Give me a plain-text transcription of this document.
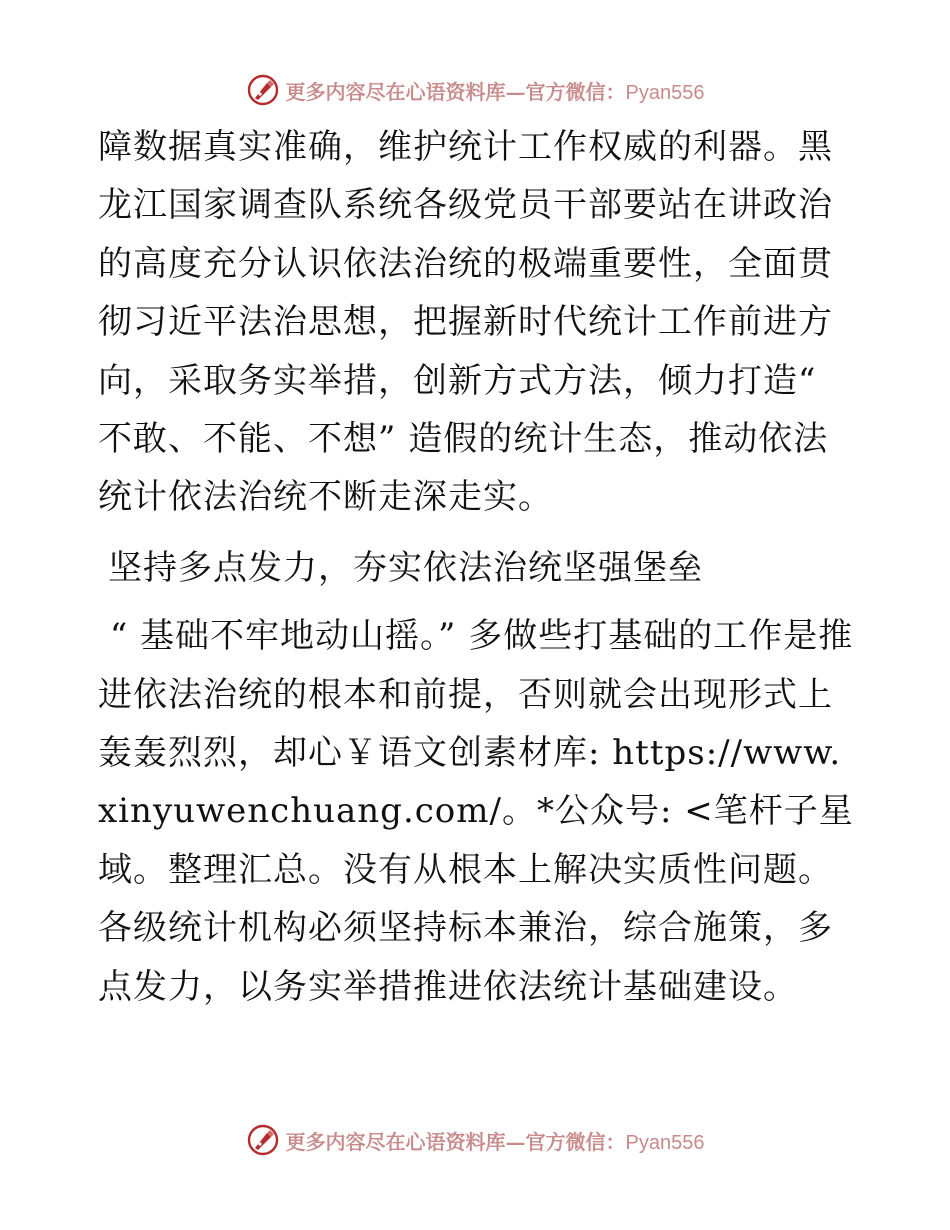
更多内容尽在心语资料库—官方微信：Pyan556

障数据真实准确，维护统计工作权威的利器。黑龙江国家调查队系统各级党员干部要站在讲政治的高度充分认识依法治统的极端重要性，全面贯彻习近平法治思想，把握新时代统计工作前进方向，采取务实举措，创新方式方法，倾力打造“ 不敢、不能、不想” 造假的统计生态，推动依法统计依法治统不断走深走实。

坚持多点发力，夯实依法治统坚强堡垒

“ 基础不牢地动山摇。” 多做些打基础的工作是推进依法治统的根本和前提，否则就会出现形式上轰轰烈烈，却心￥语文创素材库: https://www.xinyuwenchuang.com/。*公众号: <笔杆子星域。整理汇总。没有从根本上解决实质性问题。各级统计机构必须坚持标本兼治，综合施策，多点发力，以务实举措推进依法统计基础建设。

更多内容尽在心语资料库—官方微信：Pyan556
